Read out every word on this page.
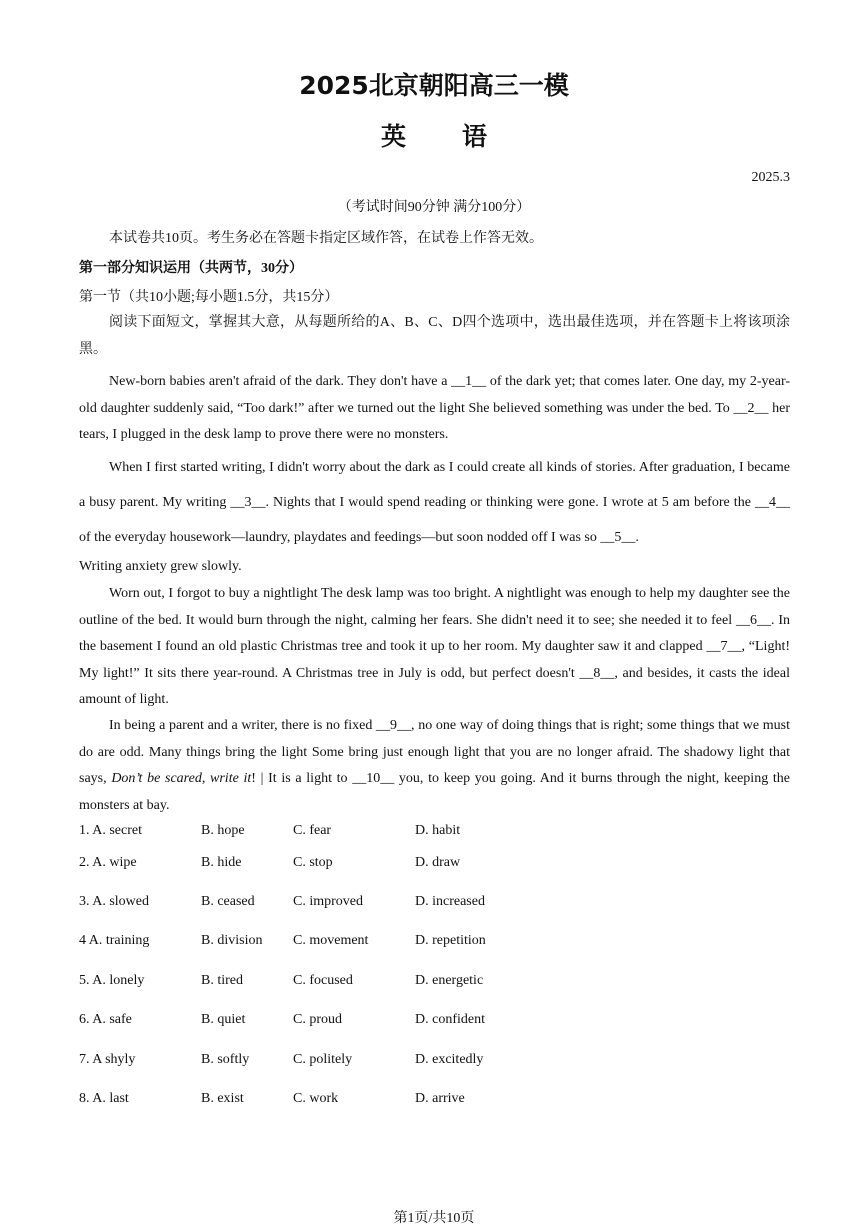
2025北京朝阳高三一模
英语
2025.3
（考试时间90分钟 满分100分）
本试卷共10页。考生务必在答题卡指定区域作答，在试卷上作答无效。
第一部分知识运用（共两节，30分）
第一节（共10小题;每小题1.5分，共15分）
阅读下面短文，掌握其大意，从每题所给的A、B、C、D四个选项中，选出最佳选项，并在答题卡上将该项涂黑。
New-born babies aren't afraid of the dark. They don't have a __1__ of the dark yet; that comes later. One day, my 2-year-old daughter suddenly said, “Too dark!” after we turned out the light She believed something was under the bed. To __2__ her tears, I plugged in the desk lamp to prove there were no monsters.
When I first started writing, I didn't worry about the dark as I could create all kinds of stories. After graduation, I became a busy parent. My writing __3__. Nights that I would spend reading or thinking were gone. I wrote at 5 am before the __4__ of the everyday housework—laundry, playdates and feedings—but soon nodded off I was so __5__.
Writing anxiety grew slowly.
Worn out, I forgot to buy a nightlight The desk lamp was too bright. A nightlight was enough to help my daughter see the outline of the bed. It would burn through the night, calming her fears. She didn't need it to see; she needed it to feel __6__. In the basement I found an old plastic Christmas tree and took it up to her room. My daughter saw it and clapped __7__, “Light! My light!” It sits there year-round. A Christmas tree in July is odd, but perfect doesn't __8__, and besides, it casts the ideal amount of light.
In being a parent and a writer, there is no fixed __9__, no one way of doing things that is right; some things that we must do are odd. Many things bring the light Some bring just enough light that you are no longer afraid. The shadowy light that says, Don’t be scared, write it! | It is a light to __10__ you, to keep you going. And it burns through the night, keeping the monsters at bay.
1. A. secret	B. hope	C. fear	D. habit
2. A. wipe	B. hide	C. stop	D. draw
3. A. slowed	B. ceased	C. improved	D. increased
4 A. training	B. division C. movement	D. repetition
5. A. lonely	B. tired	C. focused	D. energetic
6. A. safe	B. quiet	C. proud	D. confident
7. A shyly	B. softly	C. politely	D. excitedly
8. A. last	B. exist	C. work	D. arrive
第1页/共10页
